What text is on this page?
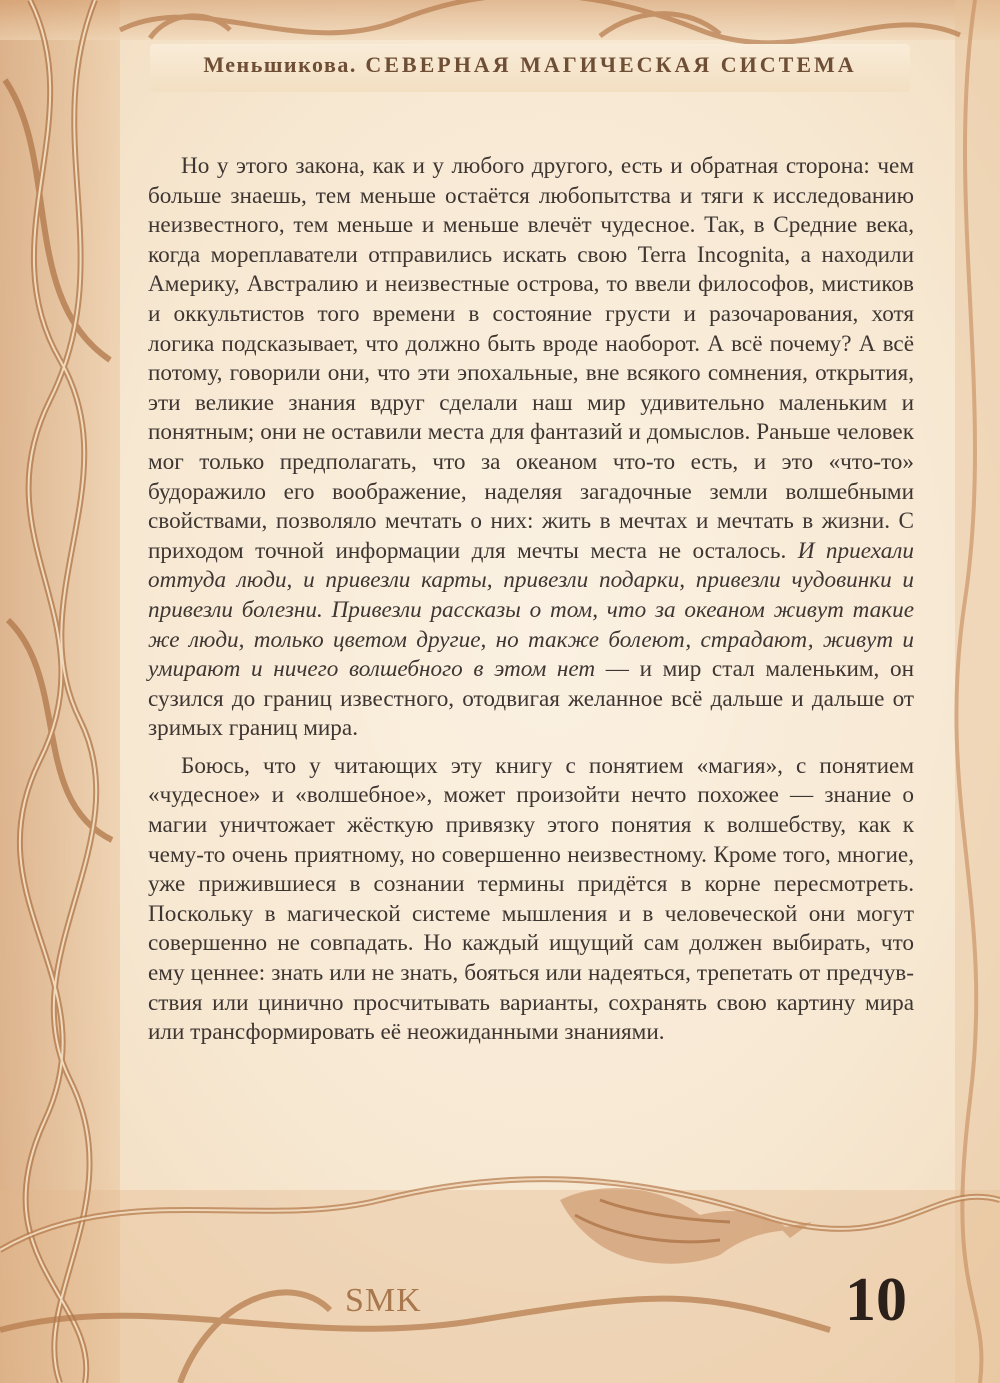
Меньшикова. СЕВЕРНАЯ МАГИЧЕСКАЯ СИСТЕМА

Но у этого закона, как и у любого другого, есть и обратная сторона: чем больше знаешь, тем меньше остаётся любопытства и тяги к исследованию неизвестного, тем меньше и меньше влечёт чудесное. Так, в Средние века, когда мореплаватели отправились искать свою Terra Incognita, а находили Америку, Австралию и неизвестные острова, то ввели философов, мистиков и оккультистов того времени в состояние грусти и разочарования, хотя логика подсказывает, что должно быть вроде наоборот. А всё почему? А всё потому, говорили они, что эти эпохальные, вне всякого сомнения, открытия, эти великие знания вдруг сделали наш мир удивительно маленьким и понятным; они не оставили места для фантазий и домыслов. Раньше человек мог только предполагать, что за океаном что-то есть, и это «что-то» будоражило его воображение, наделяя загадочные земли волшебными свойствами, позволяло мечтать о них: жить в мечтах и мечтать в жизни. С приходом точной информации для мечты места не осталось. И приехали оттуда люди, и привезли карты, привезли подарки, привезли чудовинки и привезли болезни. Привезли рассказы о том, что за океаном живут такие же люди, только цветом другие, но также болеют, страдают, живут и умирают и ничего волшебного в этом нет — и мир стал маленьким, он сузился до границ известного, отодвигая желанное всё дальше и дальше от зримых границ мира.

Боюсь, что у читающих эту книгу с понятием «магия», с понятием «чудесное» и «волшебное», может произойти нечто похожее — знание о магии уничтожает жёсткую привязку этого понятия к волшебству, как к чему-то очень приятному, но совершенно неизвестному. Кроме того, многие, уже прижившиеся в сознании термины придётся в корне пересмотреть. Поскольку в магической системе мышления и в человеческой они могут совершенно не совпадать. Но каждый ищущий сам должен выбирать, что ему ценнее: знать или не знать, бояться или надеяться, трепетать от предчувствия или цинично просчитывать варианты, сохранять свою картину мира или трансформировать её неожиданными знаниями.

SMK	10
